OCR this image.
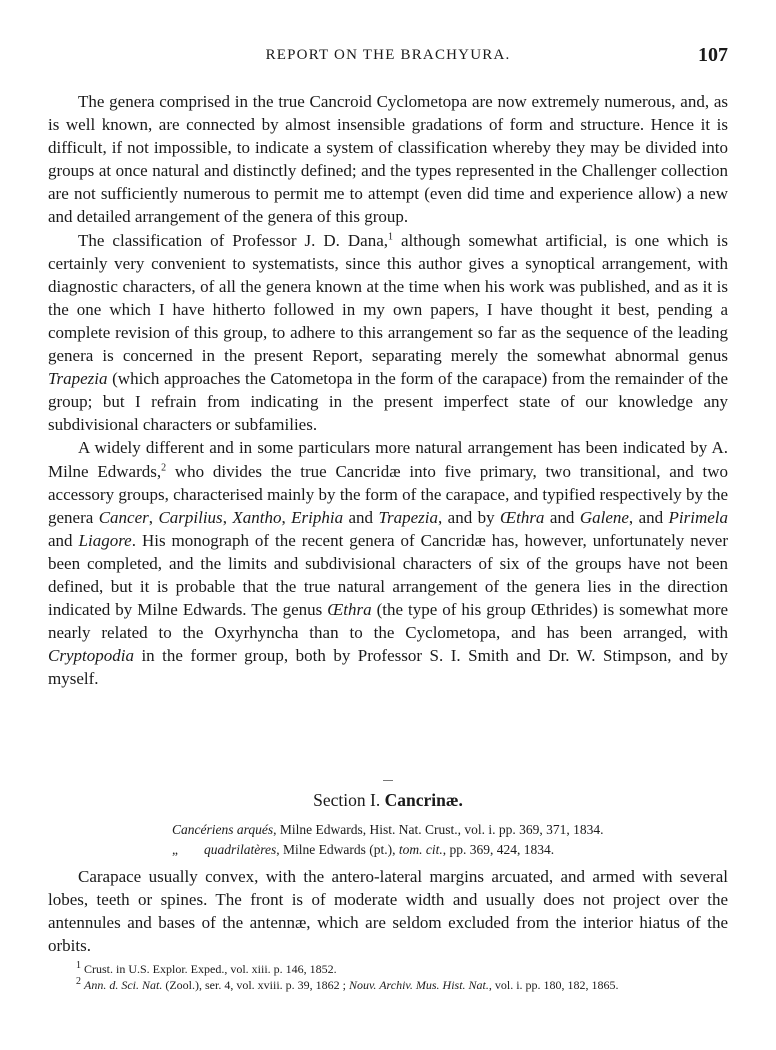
REPORT ON THE BRACHYURA.	107

The genera comprised in the true Cancroid Cyclometopa are now extremely numerous, and, as is well known, are connected by almost insensible gradations of form and structure. Hence it is difficult, if not impossible, to indicate a system of classification whereby they may be divided into groups at once natural and distinctly defined; and the types represented in the Challenger collection are not sufficiently numerous to permit me to attempt (even did time and experience allow) a new and detailed arrangement of the genera of this group.

The classification of Professor J. D. Dana,$^1$ although somewhat artificial, is one which is certainly very convenient to systematists, since this author gives a synoptical arrangement, with diagnostic characters, of all the genera known at the time when his work was published, and as it is the one which I have hitherto followed in my own papers, I have thought it best, pending a complete revision of this group, to adhere to this arrangement so far as the sequence of the leading genera is concerned in the present Report, separating merely the somewhat abnormal genus Trapezia (which approaches the Catometopa in the form of the carapace) from the remainder of the group; but I refrain from indicating in the present imperfect state of our knowledge any subdivisional characters or subfamilies.

A widely different and in some particulars more natural arrangement has been indicated by A. Milne Edwards,$^2$ who divides the true Cancridæ into five primary, two transitional, and two accessory groups, characterised mainly by the form of the carapace, and typified respectively by the genera Cancer, Carpilius, Xantho, Eriphia and Trapezia, and by Œthra and Galene, and Pirimela and Liagore. His monograph of the recent genera of Cancridæ has, however, unfortunately never been completed, and the limits and subdivisional characters of six of the groups have not been defined, but it is probable that the true natural arrangement of the genera lies in the direction indicated by Milne Edwards. The genus Œthra (the type of his group Œthrides) is somewhat more nearly related to the Oxyrhyncha than to the Cyclometopa, and has been arranged, with Cryptopodia in the former group, both by Professor S. I. Smith and Dr. W. Stimpson, and by myself.

Section I. Cancrinæ.
Cancériens arqués, Milne Edwards, Hist. Nat. Crust., vol. i. pp. 369, 371, 1834.
„ quadrilatères, Milne Edwards (pt.), tom. cit., pp. 369, 424, 1834.

Carapace usually convex, with the antero-lateral margins arcuated, and armed with several lobes, teeth or spines. The front is of moderate width and usually does not project over the antennules and bases of the antennæ, which are seldom excluded from the interior hiatus of the orbits.

$^1$ Crust. in U.S. Explor. Exped., vol. xiii. p. 146, 1852.
$^2$ Ann. d. Sci. Nat. (Zool.), ser. 4, vol. xviii. p. 39, 1862 ; Nouv. Archiv. Mus. Hist. Nat., vol. i. pp. 180, 182, 1865.
